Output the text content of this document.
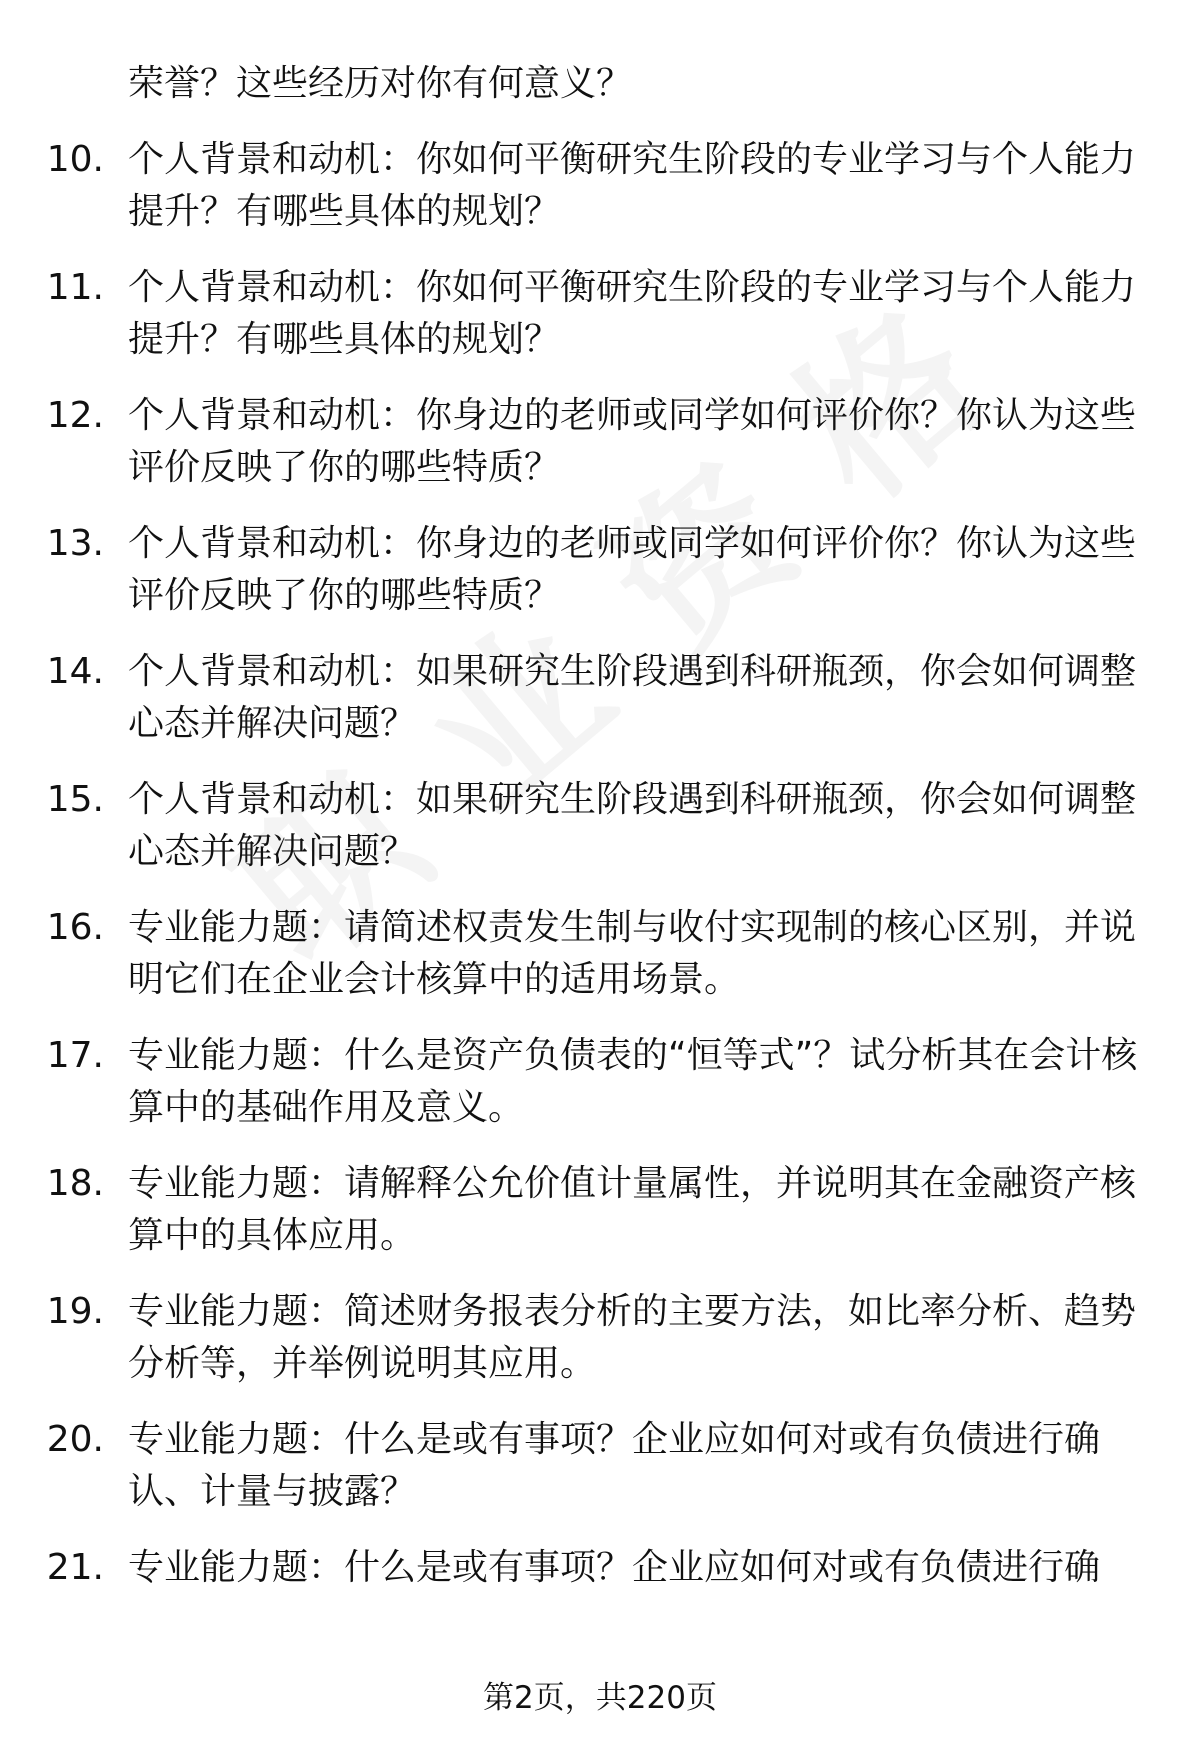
荣誉？这些经历对你有何意义？

10. 个人背景和动机：你如何平衡研究生阶段的专业学习与个人能力提升？有哪些具体的规划？

11. 个人背景和动机：你如何平衡研究生阶段的专业学习与个人能力提升？有哪些具体的规划？

12. 个人背景和动机：你身边的老师或同学如何评价你？你认为这些评价反映了你的哪些特质？

13. 个人背景和动机：你身边的老师或同学如何评价你？你认为这些评价反映了你的哪些特质？

14. 个人背景和动机：如果研究生阶段遇到科研瓶颈，你会如何调整心态并解决问题？

15. 个人背景和动机：如果研究生阶段遇到科研瓶颈，你会如何调整心态并解决问题？

16. 专业能力题：请简述权责发生制与收付实现制的核心区别，并说明它们在企业会计核算中的适用场景。

17. 专业能力题：什么是资产负债表的“恒等式”？试分析其在会计核算中的基础作用及意义。

18. 专业能力题：请解释公允价值计量属性，并说明其在金融资产核算中的具体应用。

19. 专业能力题：简述财务报表分析的主要方法，如比率分析、趋势分析等，并举例说明其应用。

20. 专业能力题：什么是或有事项？企业应如何对或有负债进行确认、计量与披露？

21. 专业能力题：什么是或有事项？企业应如何对或有负债进行确

第2页，共220页
